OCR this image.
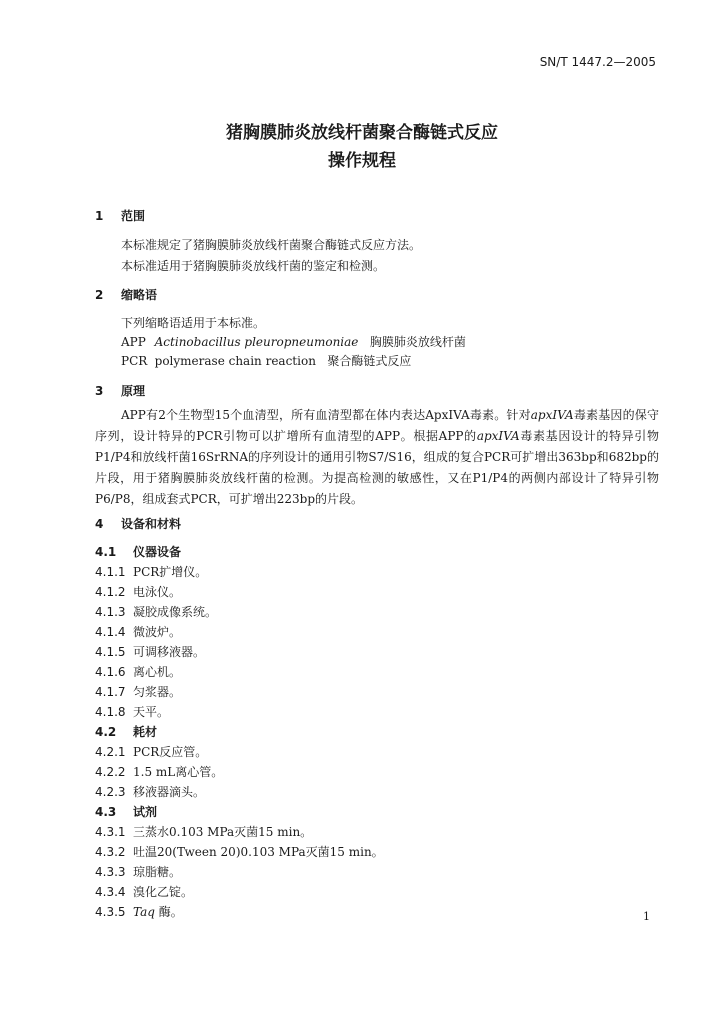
SN/T 1447.2—2005
猪胸膜肺炎放线杆菌聚合酶链式反应
操作规程
1 范围
本标准规定了猪胸膜肺炎放线杆菌聚合酶链式反应方法。
本标准适用于猪胸膜肺炎放线杆菌的鉴定和检测。
2 缩略语
下列缩略语适用于本标准。
APP Actinobacillus pleuropneumoniae 胸膜肺炎放线杆菌
PCR polymerase chain reaction 聚合酶链式反应
3 原理
APP有2个生物型15个血清型，所有血清型都在体内表达ApxIVA毒素。针对apxIVA毒素基因的保守序列，设计特异的PCR引物可以扩增所有血清型的APP。根据APP的apxIVA毒素基因设计的特异引物P1/P4和放线杆菌16SrRNA的序列设计的通用引物S7/S16，组成的复合PCR可扩增出363bp和682bp的片段，用于猪胸膜肺炎放线杆菌的检测。为提高检测的敏感性，又在P1/P4的两侧内部设计了特异引物P6/P8，组成套式PCR，可扩增出223bp的片段。
4 设备和材料
4.1 仪器设备
4.1.1 PCR扩增仪。
4.1.2 电泳仪。
4.1.3 凝胶成像系统。
4.1.4 微波炉。
4.1.5 可调移液器。
4.1.6 离心机。
4.1.7 匀浆器。
4.1.8 天平。
4.2 耗材
4.2.1 PCR反应管。
4.2.2 1.5 mL离心管。
4.2.3 移液器滴头。
4.3 试剂
4.3.1 三蒸水0.103 MPa灭菌15 min。
4.3.2 吐温20(Tween 20)0.103 MPa灭菌15 min。
4.3.3 琼脂糖。
4.3.4 溴化乙锭。
4.3.5 Taq 酶。	1
